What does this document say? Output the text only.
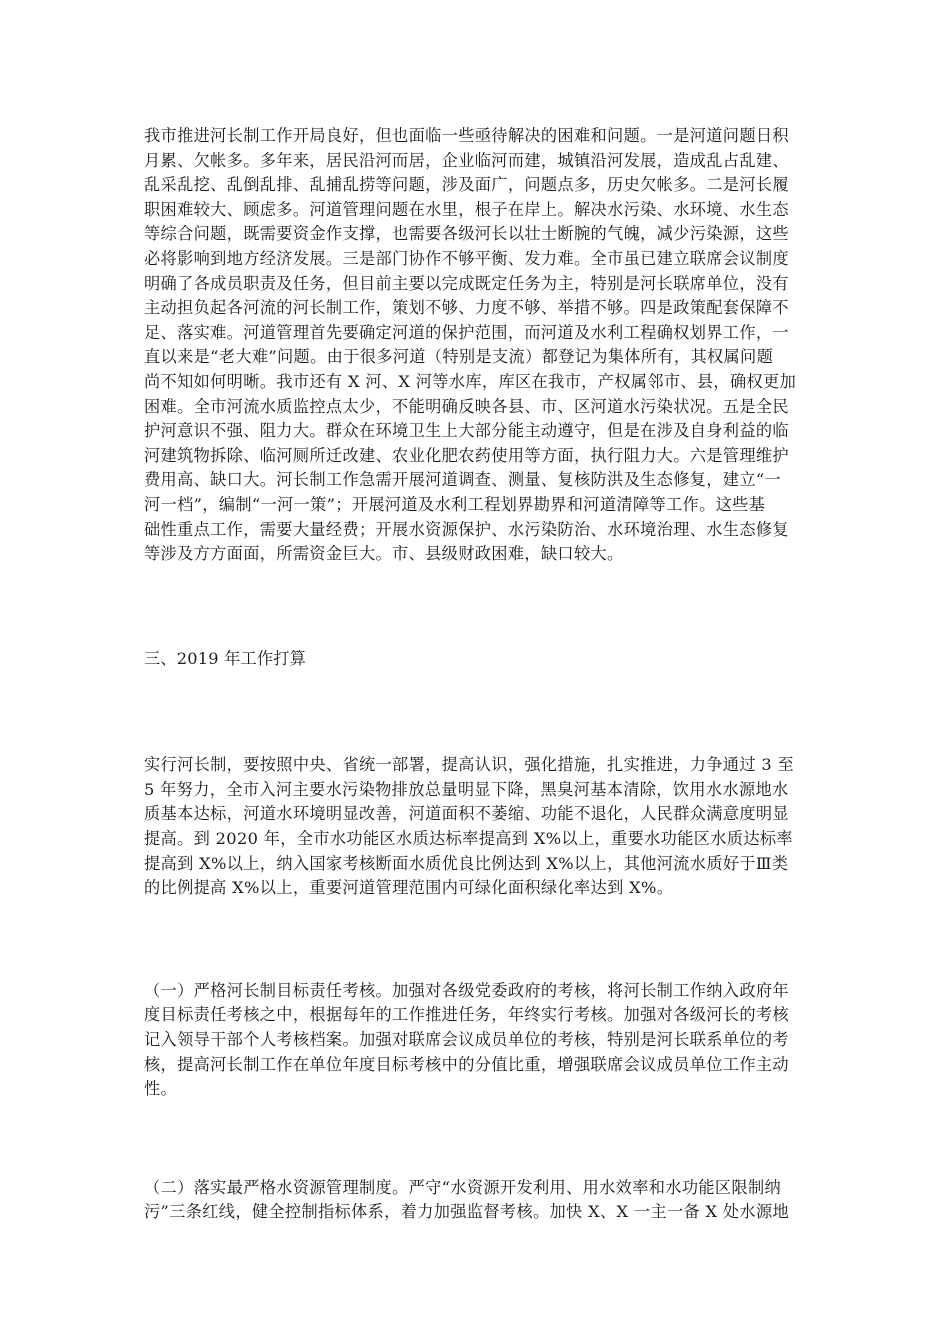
我市推进河长制工作开局良好，但也面临一些亟待解决的困难和问题。一是河道问题日积
月累、欠帐多。多年来，居民沿河而居，企业临河而建，城镇沿河发展，造成乱占乱建、
乱采乱挖、乱倒乱排、乱捕乱捞等问题，涉及面广，问题点多，历史欠帐多。二是河长履
职困难较大、顾虑多。河道管理问题在水里，根子在岸上。解决水污染、水环境、水生态
等综合问题，既需要资金作支撑，也需要各级河长以壮士断腕的气魄，减少污染源，这些
必将影响到地方经济发展。三是部门协作不够平衡、发力难。全市虽已建立联席会议制度
明确了各成员职责及任务，但目前主要以完成既定任务为主，特别是河长联席单位，没有
主动担负起各河流的河长制工作，策划不够、力度不够、举措不够。四是政策配套保障不
足、落实难。河道管理首先要确定河道的保护范围，而河道及水利工程确权划界工作，一
直以来是“老大难”问题。由于很多河道（特别是支流）都登记为集体所有，其权属问题
尚不知如何明晰。我市还有 X 河、X 河等水库，库区在我市，产权属邻市、县，确权更加
困难。全市河流水质监控点太少，不能明确反映各县、市、区河道水污染状况。五是全民
护河意识不强、阻力大。群众在环境卫生上大部分能主动遵守，但是在涉及自身利益的临
河建筑物拆除、临河厕所迁改建、农业化肥农药使用等方面，执行阻力大。六是管理维护
费用高、缺口大。河长制工作急需开展河道调查、测量、复核防洪及生态修复，建立“一
河一档”，编制“一河一策”；开展河道及水利工程划界勘界和河道清障等工作。这些基
础性重点工作，需要大量经费；开展水资源保护、水污染防治、水环境治理、水生态修复
等涉及方方面面，所需资金巨大。市、县级财政困难，缺口较大。
三、2019 年工作打算
实行河长制，要按照中央、省统一部署，提高认识，强化措施，扎实推进，力争通过 3 至
5 年努力，全市入河主要水污染物排放总量明显下降，黑臭河基本清除，饮用水水源地水
质基本达标，河道水环境明显改善，河道面积不萎缩、功能不退化，人民群众满意度明显
提高。到 2020 年，全市水功能区水质达标率提高到 X%以上，重要水功能区水质达标率
提高到 X%以上，纳入国家考核断面水质优良比例达到 X%以上，其他河流水质好于Ⅲ类
的比例提高 X%以上，重要河道管理范围内可绿化面积绿化率达到 X%。
（一）严格河长制目标责任考核。加强对各级党委政府的考核，将河长制工作纳入政府年
度目标责任考核之中，根据每年的工作推进任务，年终实行考核。加强对各级河长的考核
记入领导干部个人考核档案。加强对联席会议成员单位的考核，特别是河长联系单位的考
核，提高河长制工作在单位年度目标考核中的分值比重，增强联席会议成员单位工作主动
性。
（二）落实最严格水资源管理制度。严守“水资源开发利用、用水效率和水功能区限制纳
污”三条红线，健全控制指标体系，着力加强监督考核。加快 X、X 一主一备 X 处水源地
